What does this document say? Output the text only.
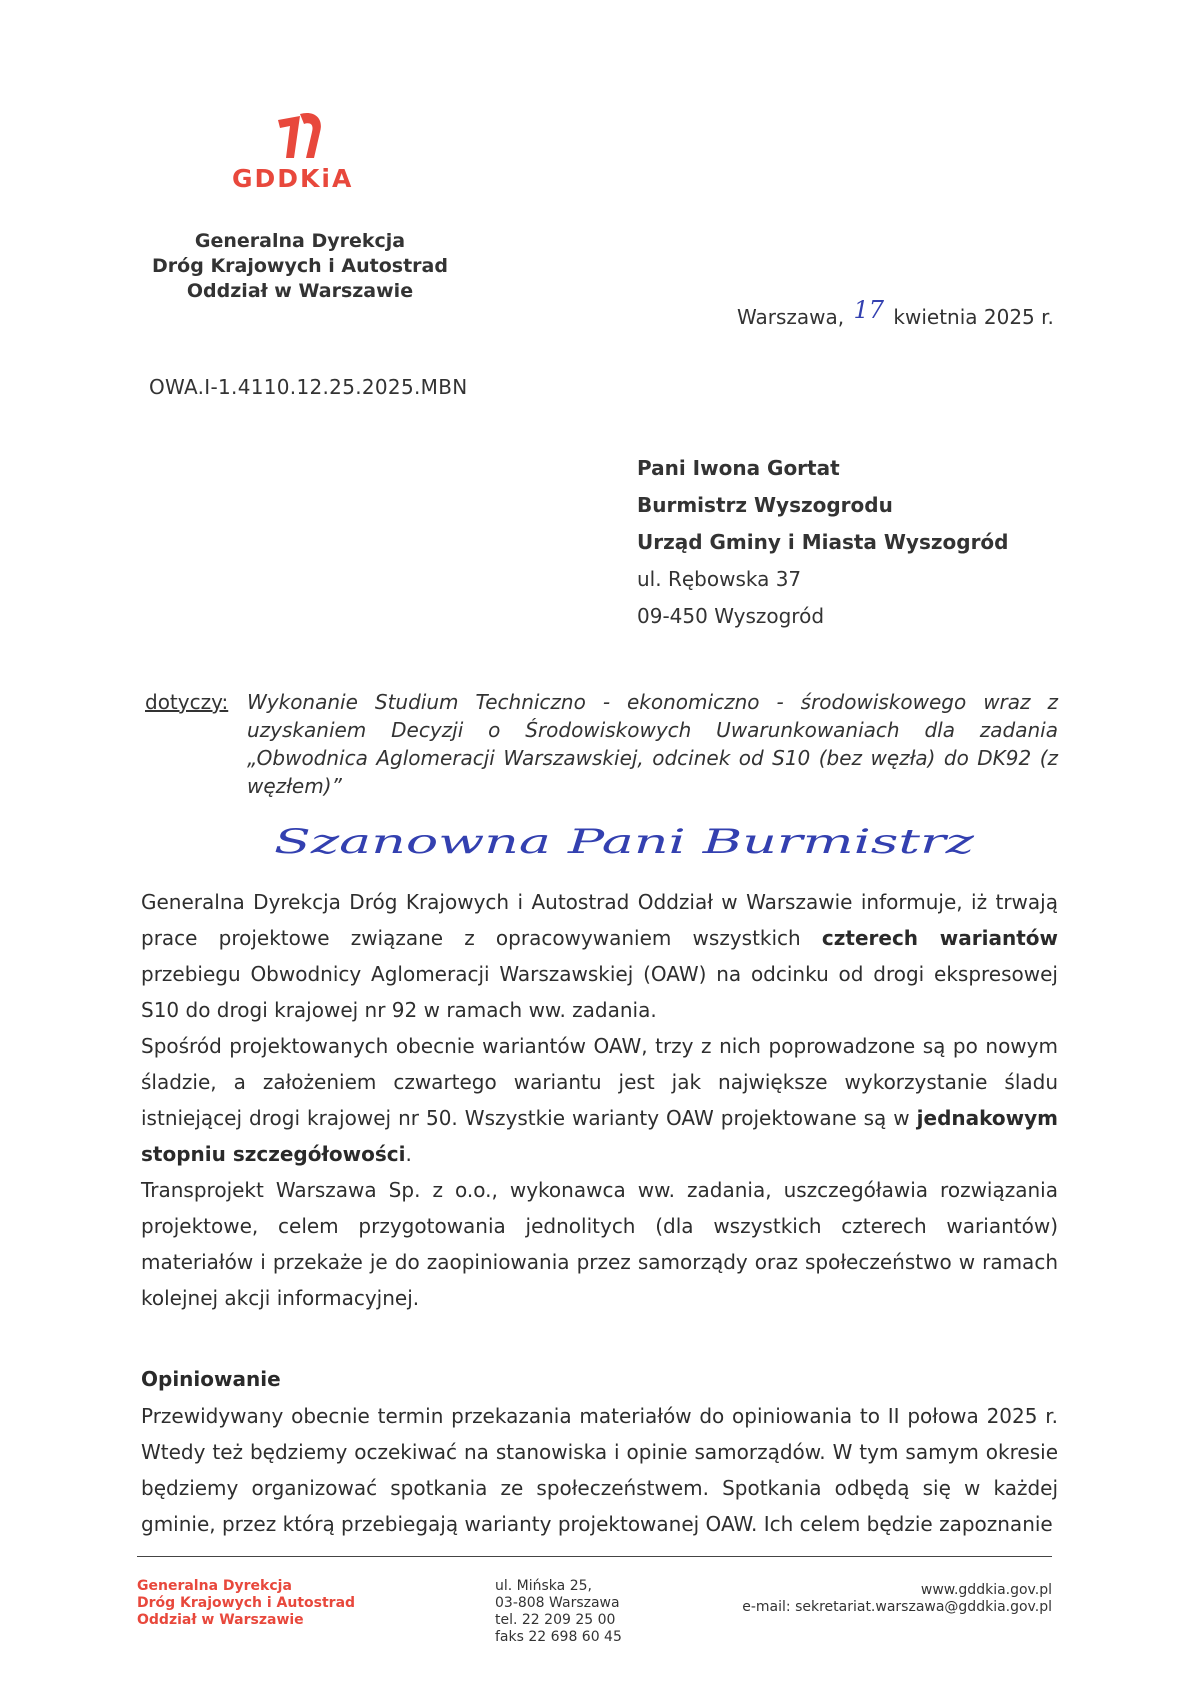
GDDKiA
Generalna Dyrekcja
Dróg Krajowych i Autostrad
Oddział w Warszawie
Warszawa, 17 kwietnia 2025 r.
OWA.I-1.4110.12.25.2025.MBN
Pani Iwona Gortat
Burmistrz Wyszogrodu
Urząd Gminy i Miasta Wyszogród
ul. Rębowska 37
09-450 Wyszogród
dotyczy: Wykonanie Studium Techniczno - ekonomiczno - środowiskowego wraz z uzyskaniem Decyzji o Środowiskowych Uwarunkowaniach dla zadania „Obwodnica Aglomeracji Warszawskiej, odcinek od S10 (bez węzła) do DK92 (z węzłem)”
Szanowna Pani Burmistrz

Generalna Dyrekcja Dróg Krajowych i Autostrad Oddział w Warszawie informuje, iż trwają prace projektowe związane z opracowywaniem wszystkich czterech wariantów przebiegu Obwodnicy Aglomeracji Warszawskiej (OAW) na odcinku od drogi ekspresowej S10 do drogi krajowej nr 92 w ramach ww. zadania.

Spośród projektowanych obecnie wariantów OAW, trzy z nich poprowadzone są po nowym śladzie, a założeniem czwartego wariantu jest jak największe wykorzystanie śladu istniejącej drogi krajowej nr 50. Wszystkie warianty OAW projektowane są w jednakowym stopniu szczegółowości.

Transprojekt Warszawa Sp. z o.o., wykonawca ww. zadania, uszczegóławia rozwiązania projektowe, celem przygotowania jednolitych (dla wszystkich czterech wariantów) materiałów i przekaże je do zaopiniowania przez samorządy oraz społeczeństwo w ramach kolejnej akcji informacyjnej.

Opiniowanie

Przewidywany obecnie termin przekazania materiałów do opiniowania to II połowa 2025 r. Wtedy też będziemy oczekiwać na stanowiska i opinie samorządów. W tym samym okresie będziemy organizować spotkania ze społeczeństwem. Spotkania odbędą się w każdej gminie, przez którą przebiegają warianty projektowanej OAW. Ich celem będzie zapoznanie

Generalna Dyrekcja
Dróg Krajowych i Autostrad
Oddział w Warszawie
ul. Mińska 25,
03-808 Warszawa
tel. 22 209 25 00
faks 22 698 60 45
www.gddkia.gov.pl
e-mail: sekretariat.warszawa@gddkia.gov.pl
